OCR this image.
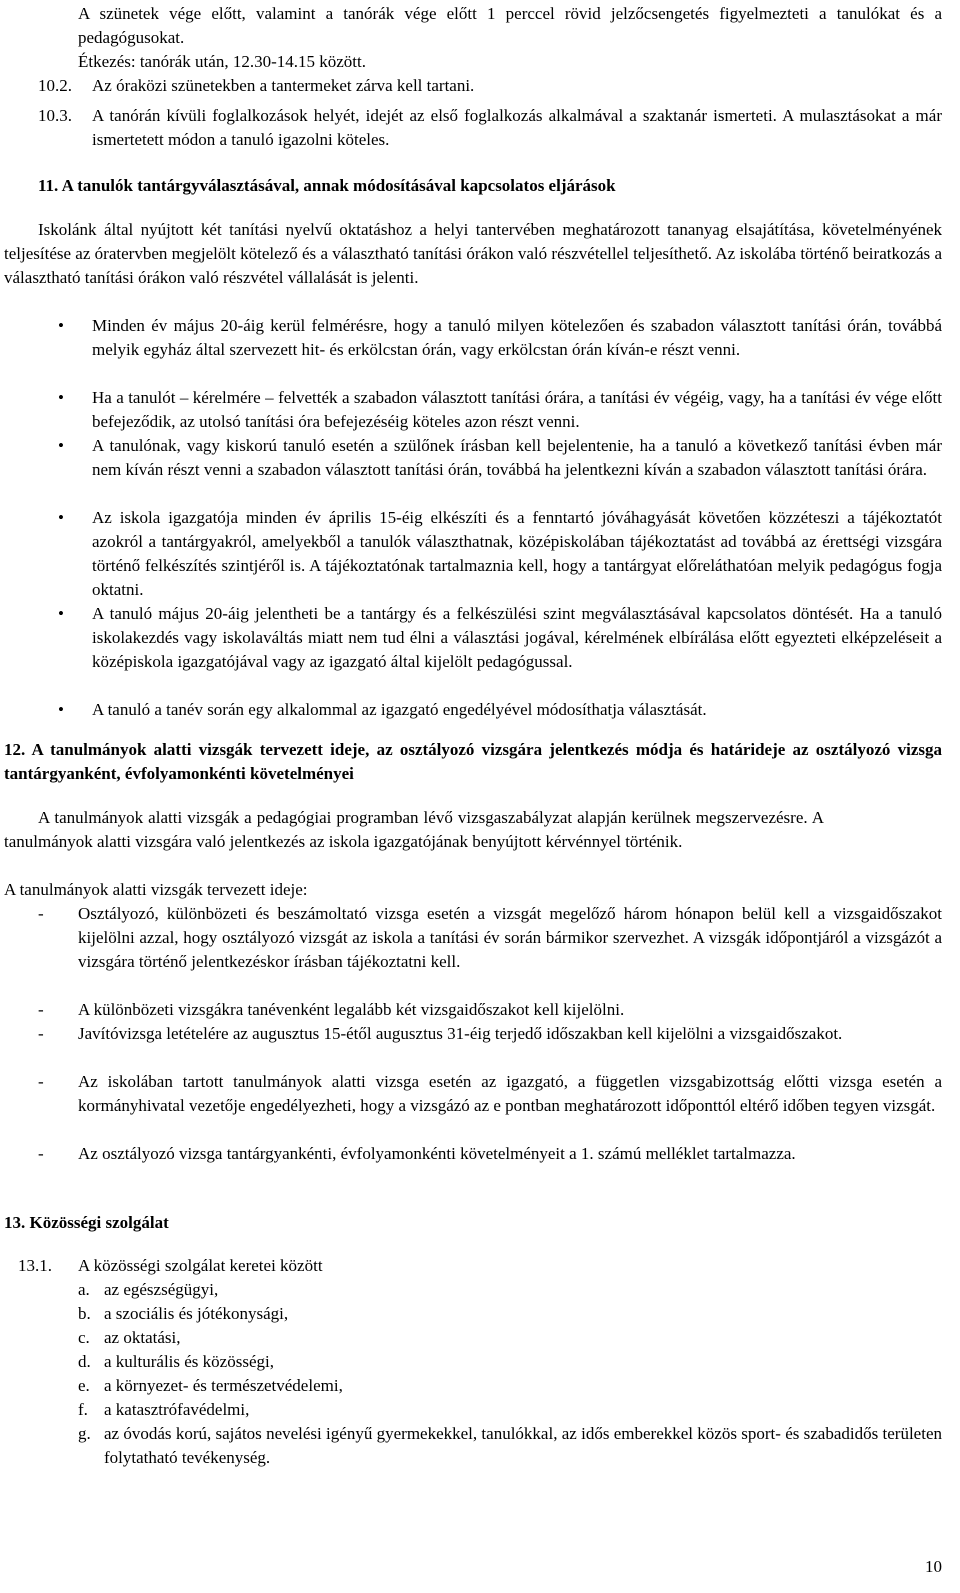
A szünetek vége előtt, valamint a tanórák vége előtt 1 perccel rövid jelzőcsengetés figyelmezteti a tanulókat és a pedagógusokat.
Étkezés: tanórák után, 12.30-14.15 között.
10.2. Az óraközi szünetekben a tantermeket zárva kell tartani.
10.3. A tanórán kívüli foglalkozások helyét, idejét az első foglalkozás alkalmával a szaktanár ismerteti. A mulasztásokat a már ismertetett módon a tanuló igazolni köteles.
11. A tanulók tantárgyválasztásával, annak módosításával kapcsolatos eljárások
Iskolánk által nyújtott két tanítási nyelvű oktatáshoz a helyi tantervében meghatározott tananyag elsajátítása, követelményének teljesítése az óratervben megjelölt kötelező és a választható tanítási órákon való részvétellel teljesíthető. Az iskolába történő beiratkozás a választható tanítási órákon való részvétel vállalását is jelenti.
• Minden év május 20-áig kerül felmérésre, hogy a tanuló milyen kötelezően és szabadon választott tanítási órán, továbbá melyik egyház által szervezett hit- és erkölcstan órán, vagy erkölcstan órán kíván-e részt venni.
• Ha a tanulót – kérelmére – felvették a szabadon választott tanítási órára, a tanítási év végéig, vagy, ha a tanítási év vége előtt befejeződik, az utolsó tanítási óra befejezéséig köteles azon részt venni.
• A tanulónak, vagy kiskorú tanuló esetén a szülőnek írásban kell bejelentenie, ha a tanuló a következő tanítási évben már nem kíván részt venni a szabadon választott tanítási órán, továbbá ha jelentkezni kíván a szabadon választott tanítási órára.
• Az iskola igazgatója minden év április 15-éig elkészíti és a fenntartó jóváhagyását követően közzéteszi a tájékoztatót azokról a tantárgyakról, amelyekből a tanulók választhatnak, középiskolában tájékoztatást ad továbbá az érettségi vizsgára történő felkészítés szintjéről is. A tájékoztatónak tartalmaznia kell, hogy a tantárgyat előreláthatóan melyik pedagógus fogja oktatni.
• A tanuló május 20-áig jelentheti be a tantárgy és a felkészülési szint megválasztásával kapcsolatos döntését. Ha a tanuló iskolakezdés vagy iskolaváltás miatt nem tud élni a választási jogával, kérelmének elbírálása előtt egyezteti elképzeléseit a középiskola igazgatójával vagy az igazgató által kijelölt pedagógussal.
• A tanuló a tanév során egy alkalommal az igazgató engedélyével módosíthatja választását.
12. A tanulmányok alatti vizsgák tervezett ideje, az osztályozó vizsgára jelentkezés módja és határideje az osztályozó vizsga tantárgyanként, évfolyamonkénti követelményei
A tanulmányok alatti vizsgák a pedagógiai programban lévő vizsgaszabályzat alapján kerülnek megszervezésre. A tanulmányok alatti vizsgára való jelentkezés az iskola igazgatójának benyújtott kérvénnyel történik.
A tanulmányok alatti vizsgák tervezett ideje:
- Osztályozó, különbözeti és beszámoltató vizsga esetén a vizsgát megelőző három hónapon belül kell a vizsgaidőszakot kijelölni azzal, hogy osztályozó vizsgát az iskola a tanítási év során bármikor szervezhet. A vizsgák időpontjáról a vizsgázót a vizsgára történő jelentkezéskor írásban tájékoztatni kell.
- A különbözeti vizsgákra tanévenként legalább két vizsgaidőszakot kell kijelölni.
- Javítóvizsga letételére az augusztus 15-étől augusztus 31-éig terjedő időszakban kell kijelölni a vizsgaidőszakot.
- Az iskolában tartott tanulmányok alatti vizsga esetén az igazgató, a független vizsgabizottság előtti vizsga esetén a kormányhivatal vezetője engedélyezheti, hogy a vizsgázó az e pontban meghatározott időponttól eltérő időben tegyen vizsgát.
- Az osztályozó vizsga tantárgyankénti, évfolyamonkénti követelményeit a 1. számú melléklet tartalmazza.
13. Közösségi szolgálat
13.1. A közösségi szolgálat keretei között
a. az egészségügyi,
b. a szociális és jótékonysági,
c. az oktatási,
d. a kulturális és közösségi,
e. a környezet- és természetvédelemi,
f. a katasztrófavédelmi,
g. az óvodás korú, sajátos nevelési igényű gyermekekkel, tanulókkal, az idős emberekkel közös sport- és szabadidős területen folytatható tevékenység.
10
